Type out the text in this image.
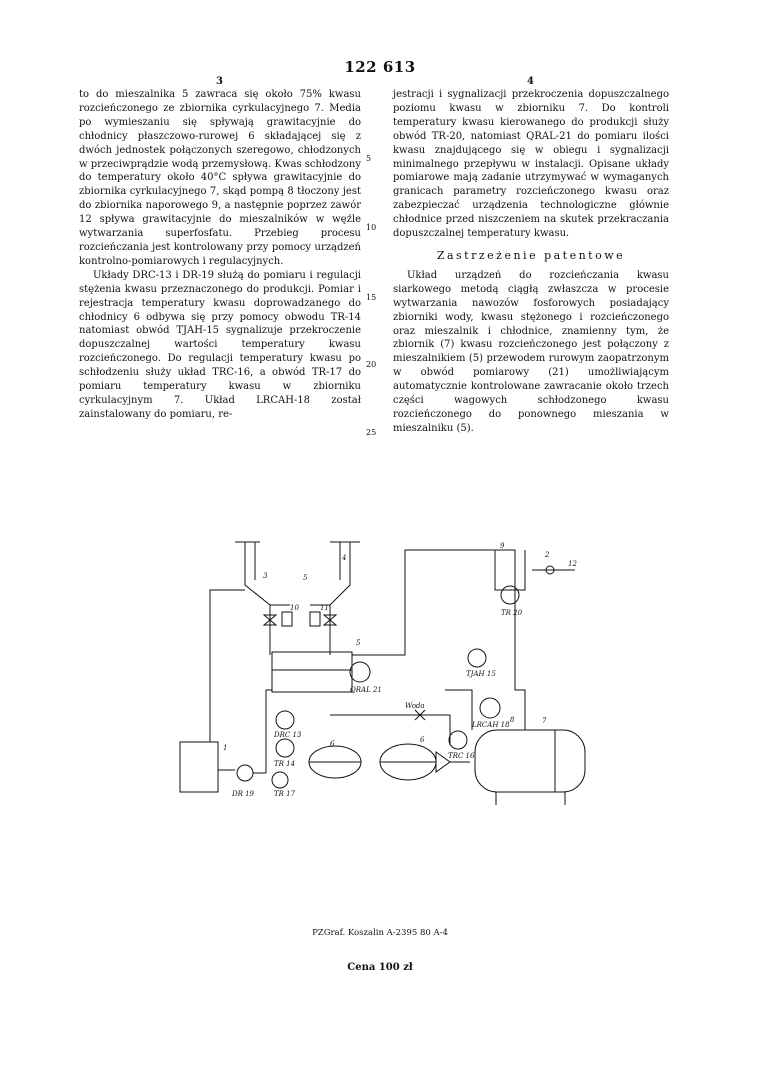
122 613
3	4

to do mieszalnika 5 zawraca się około 75% kwasu rozcieńczonego ze zbiornika cyrkulacyjnego 7. Media po wymieszaniu się spływają grawitacyjnie do chłodnicy płaszczowo-rurowej 6 składającej się z dwóch jednostek połączonych szeregowo, chłodzonych w przeciwprądzie wodą przemysłową. Kwas schłodzony do temperatury około 40°C spływa grawitacyjnie do zbiornika cyrkulacyjnego 7, skąd pompą 8 tłoczony jest do zbiornika naporowego 9, a następnie poprzez zawór 12 spływa grawitacyjnie do mieszalników w węźle wytwarzania superfosfatu. Przebieg procesu rozcieńczania jest kontrolowany przy pomocy urządzeń kontrolno-pomiarowych i regulacyjnych.

Układy DRC-13 i DR-19 służą do pomiaru i regulacji stężenia kwasu przeznaczonego do produkcji. Pomiar i rejestracja temperatury kwasu doprowadzanego do chłodnicy 6 odbywa się przy pomocy obwodu TR-14 natomiast obwód TJAH-15 sygnalizuje przekroczenie dopuszczalnej wartości temperatury kwasu rozcieńczonego. Do regulacji temperatury kwasu po schłodzeniu służy układ TRC-16, a obwód TR-17 do pomiaru temperatury kwasu w zbiorniku cyrkulacyjnym 7. Układ LRCAH-18 został zainstalowany do pomiaru, re-

5
10
15
20
25

jestracji i sygnalizacji przekroczenia dopuszczalnego poziomu kwasu w zbiorniku 7. Do kontroli temperatury kwasu kierowanego do produkcji służy obwód TR-20, natomiast QRAL-21 do pomiaru ilości kwasu znajdującego się w obiegu i sygnalizacji minimalnego przepływu w instalacji. Opisane układy pomiarowe mają zadanie utrzymywać w wymaganych granicach parametry rozcieńczonego kwasu oraz zabezpieczać urządzenia technologiczne głównie chłodnice przed niszczeniem na skutek przekraczania dopuszczalnej temperatury kwasu.

Zastrzeżenie patentowe

Układ urządzeń do rozcieńczania kwasu siarkowego metodą ciągłą zwłaszcza w procesie wytwarzania nawozów fosforowych posiadający zbiorniki wody, kwasu stężonego i rozcieńczonego oraz mieszalnik i chłodnice, znamienny tym, że zbiornik (7) kwasu rozcieńczonego jest połączony z mieszalnikiem (5) przewodem rurowym zaopatrzonym w obwód pomiarowy (21) umożliwiającym automatycznie kontrolowane zawracanie około trzech części wagowych schłodzonego kwasu rozcieńczonego do ponownego mieszania w mieszalniku (5).

1
2
3
4
5
5
6	6
7
8
9
10	11
12
Woda
TR 20
QRAL 21
TJAH 15
TR 17
LRCAH 18
TRC 16
DRC 13
TR 14
DR 19
PZGraf. Koszalin A-2395 80 A-4
Cena 100 zł
